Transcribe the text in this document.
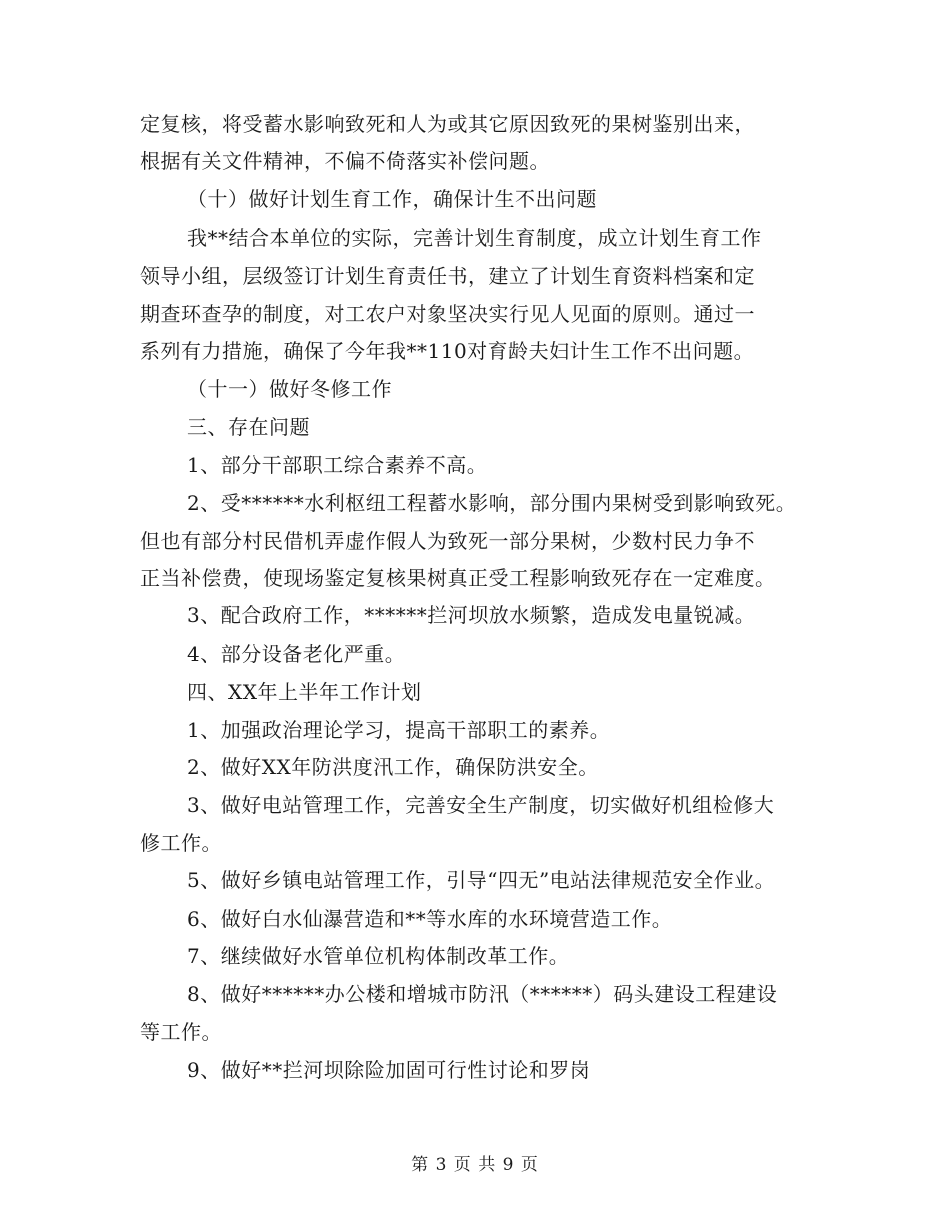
定复核，将受蓄水影响致死和人为或其它原因致死的果树鉴别出来，
根据有关文件精神，不偏不倚落实补偿问题。
（十）做好计划生育工作，确保计生不出问题
我**结合本单位的实际，完善计划生育制度，成立计划生育工作
领导小组，层级签订计划生育责任书，建立了计划生育资料档案和定
期查环查孕的制度，对工农户对象坚决实行见人见面的原则。通过一
系列有力措施，确保了今年我**110对育龄夫妇计生工作不出问题。
（十一）做好冬修工作
三、存在问题
1、部分干部职工综合素养不高。
2、受******水利枢纽工程蓄水影响，部分围内果树受到影响致死。
但也有部分村民借机弄虚作假人为致死一部分果树，少数村民力争不
正当补偿费，使现场鉴定复核果树真正受工程影响致死存在一定难度。
3、配合政府工作，******拦河坝放水频繁，造成发电量锐减。
4、部分设备老化严重。
四、XX年上半年工作计划
1、加强政治理论学习，提高干部职工的素养。
2、做好XX年防洪度汛工作，确保防洪安全。
3、做好电站管理工作，完善安全生产制度，切实做好机组检修大
修工作。
5、做好乡镇电站管理工作，引导“四无”电站法律规范安全作业。
6、做好白水仙瀑营造和**等水库的水环境营造工作。
7、继续做好水管单位机构体制改革工作。
8、做好******办公楼和增城市防汛（******）码头建设工程建设
等工作。
9、做好**拦河坝除险加固可行性讨论和罗岗
第 3 页 共 9 页
